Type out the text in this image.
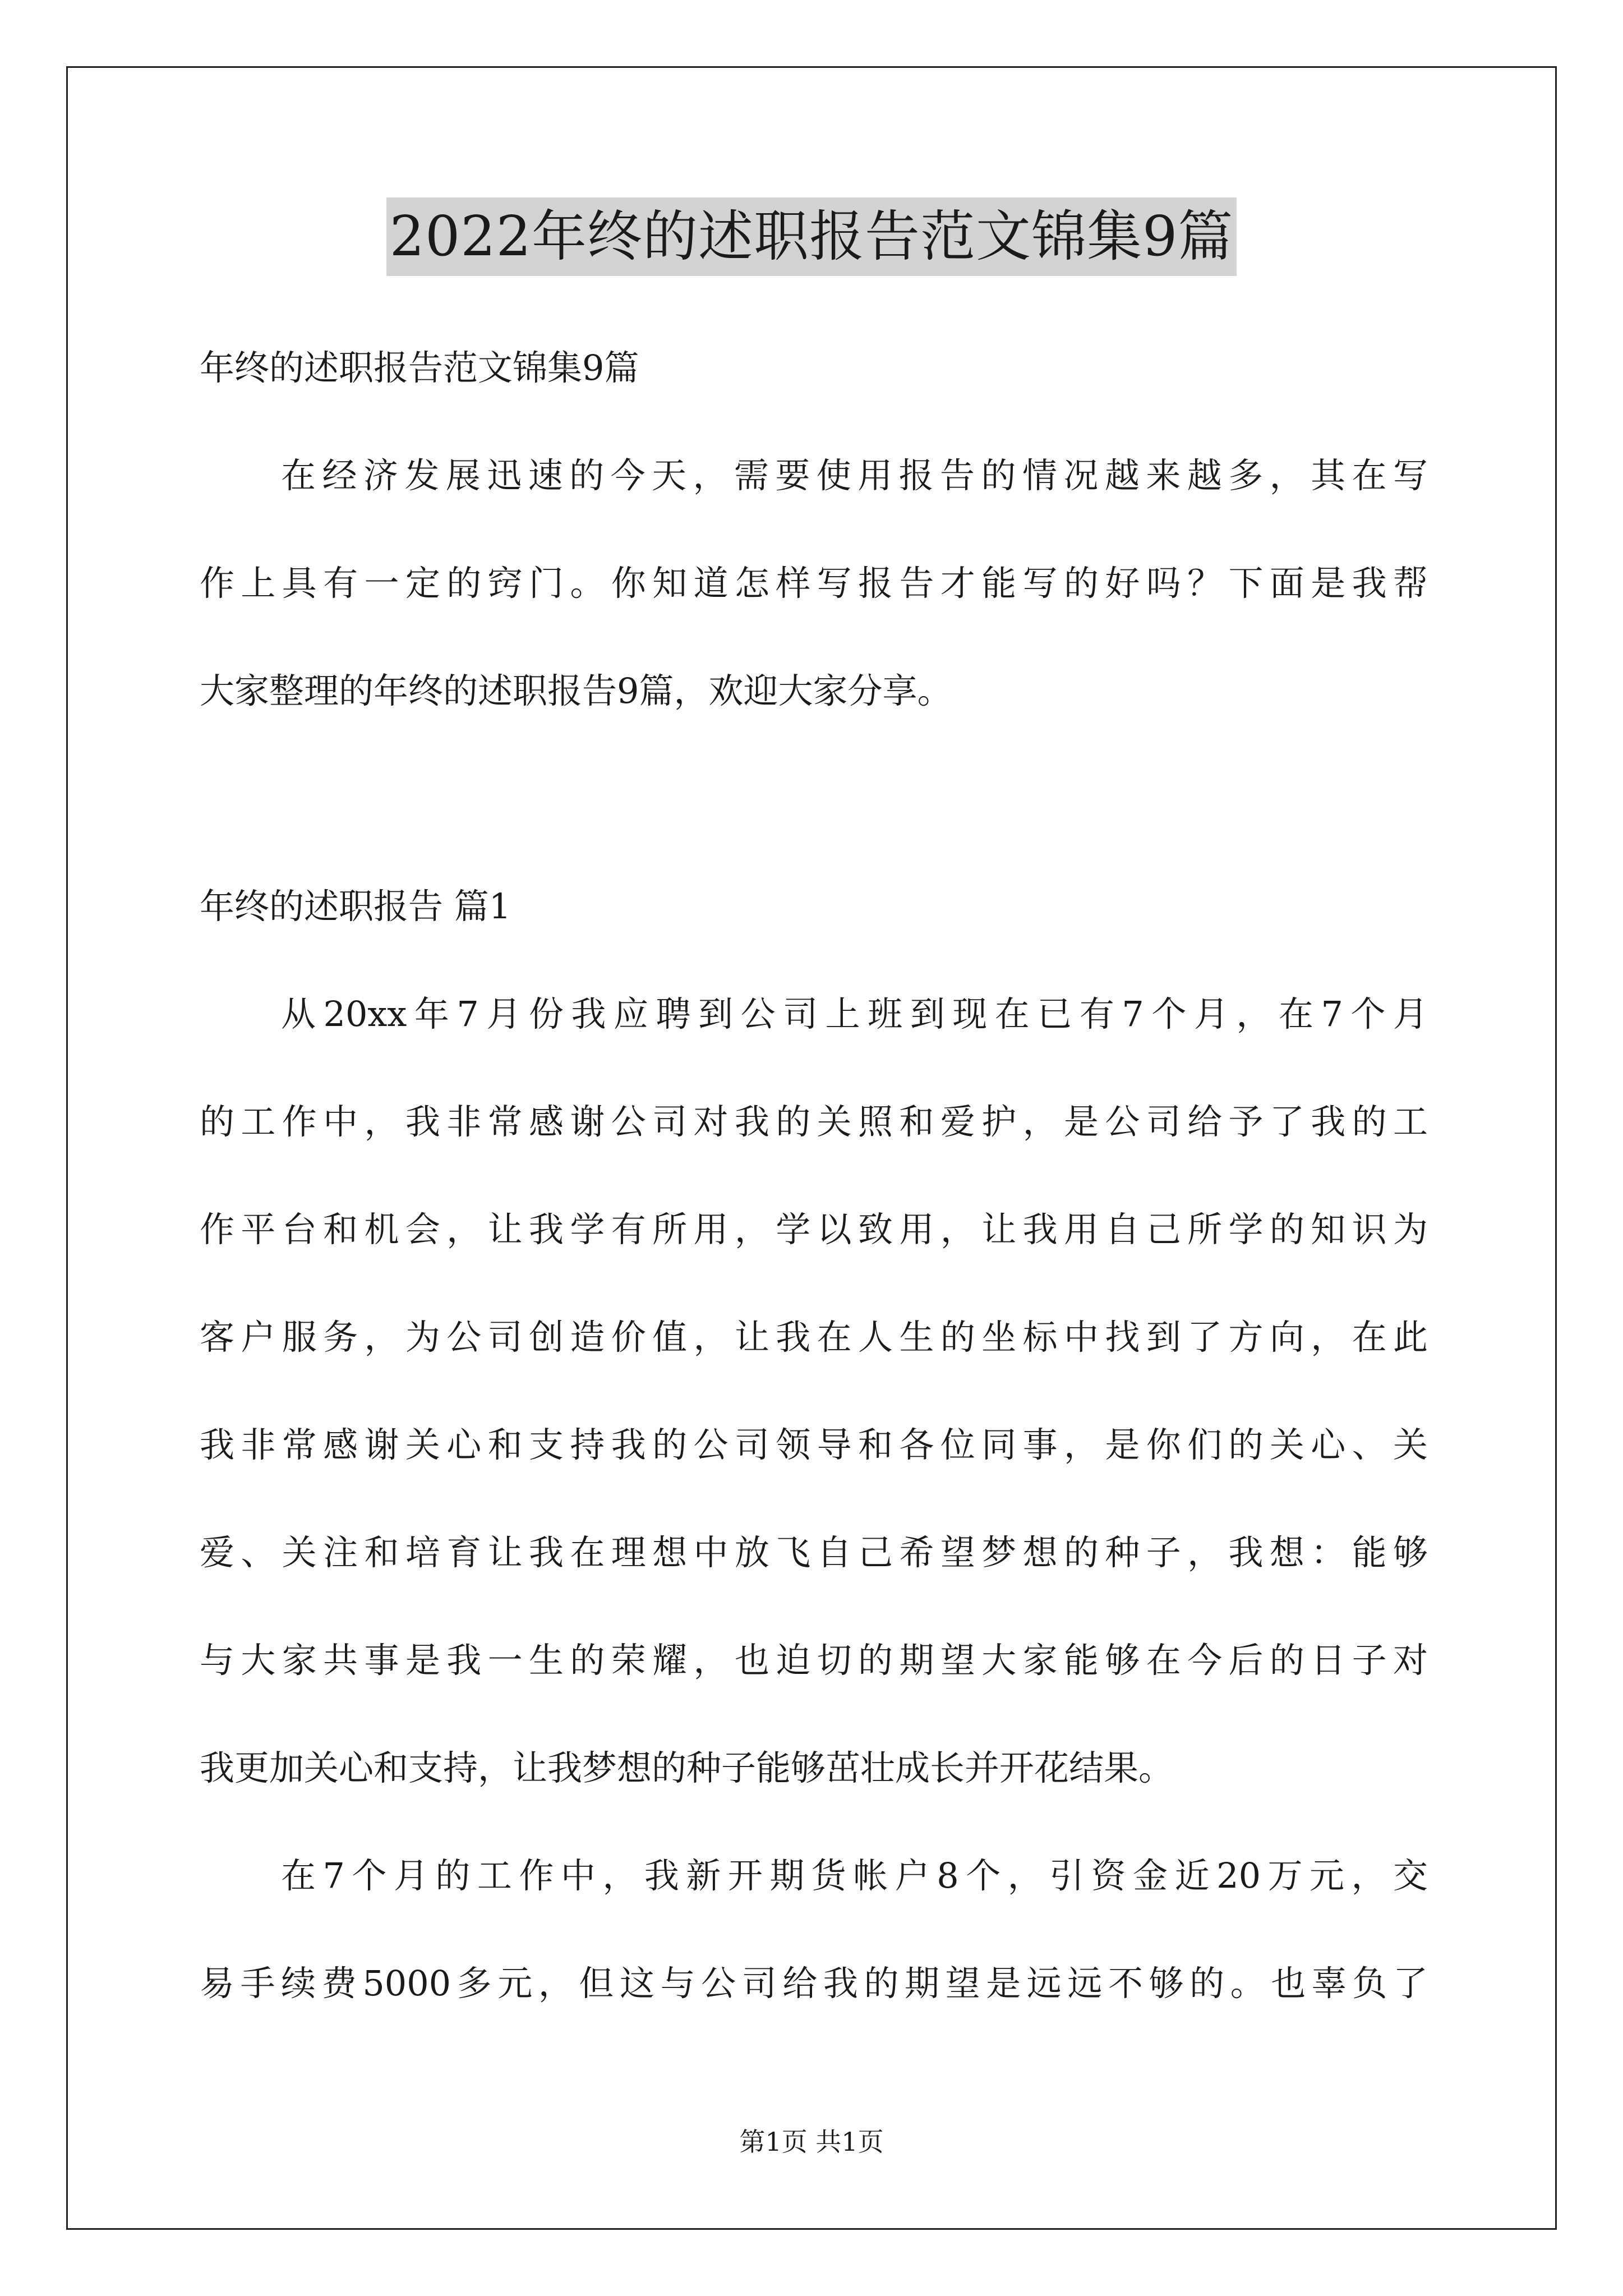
2022年终的述职报告范文锦集9篇

年终的述职报告范文锦集9篇

在经济发展迅速的今天，需要使用报告的情况越来越多，其在写

作上具有一定的窍门。你知道怎样写报告才能写的好吗？下面是我帮

大家整理的年终的述职报告9篇，欢迎大家分享。

年终的述职报告 篇1

从20xx年7月份我应聘到公司上班到现在已有7个月，在7个月

的工作中，我非常感谢公司对我的关照和爱护，是公司给予了我的工

作平台和机会，让我学有所用，学以致用，让我用自己所学的知识为

客户服务，为公司创造价值，让我在人生的坐标中找到了方向，在此

我非常感谢关心和支持我的公司领导和各位同事，是你们的关心、关

爱、关注和培育让我在理想中放飞自己希望梦想的种子，我想：能够

与大家共事是我一生的荣耀，也迫切的期望大家能够在今后的日子对

我更加关心和支持，让我梦想的种子能够茁壮成长并开花结果。

在7个月的工作中，我新开期货帐户8个，引资金近20万元，交

易手续费5000多元，但这与公司给我的期望是远远不够的。也辜负了

第1页 共1页
